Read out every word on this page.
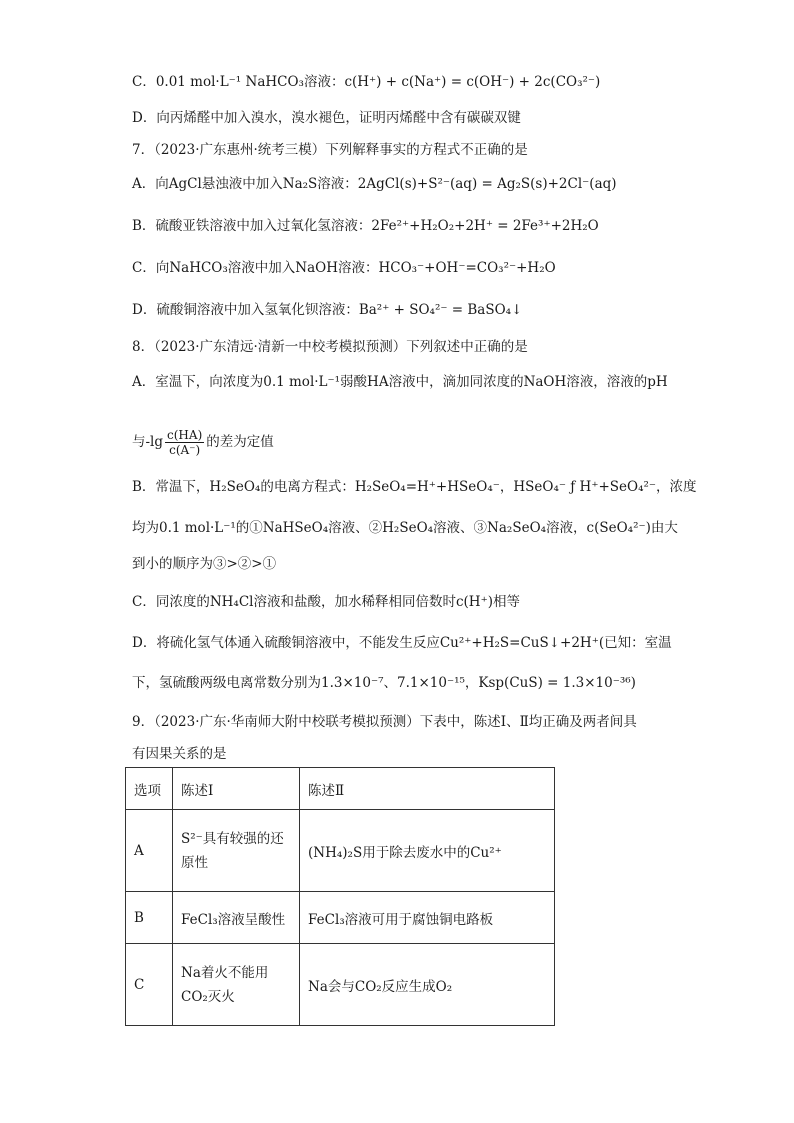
C．0.01 mol·L⁻¹ NaHCO₃溶液：c(H⁺) + c(Na⁺) = c(OH⁻) + 2c(CO₃²⁻)
D．向丙烯醛中加入溴水，溴水褪色，证明丙烯醛中含有碳碳双键
7．（2023·广东惠州·统考三模）下列解释事实的方程式不正确的是
A．向AgCl悬浊液中加入Na₂S溶液：2AgCl(s)+S²⁻(aq) = Ag₂S(s)+2Cl⁻(aq)
B．硫酸亚铁溶液中加入过氧化氢溶液：2Fe²⁺+H₂O₂+2H⁺ = 2Fe³⁺+2H₂O
C．向NaHCO₃溶液中加入NaOH溶液：HCO₃⁻+OH⁻=CO₃²⁻+H₂O
D．硫酸铜溶液中加入氢氧化钡溶液：Ba²⁺ + SO₄²⁻ = BaSO₄↓
8．（2023·广东清远·清新一中校考模拟预测）下列叙述中正确的是
A．室温下，向浓度为0.1 mol·L⁻¹弱酸HA溶液中，滴加同浓度的NaOH溶液，溶液的pH
B．常温下，H₂SeO₄的电离方程式：H₂SeO₄=H⁺+HSeO₄⁻，HSeO₄⁻ ƒ H⁺+SeO₄²⁻，浓度
均为0.1 mol·L⁻¹的①NaHSeO₄溶液、②H₂SeO₄溶液、③Na₂SeO₄溶液，c(SeO₄²⁻)由大
到小的顺序为③>②>①
C．同浓度的NH₄Cl溶液和盐酸，加水稀释相同倍数时c(H⁺)相等
D．将硫化氢气体通入硫酸铜溶液中，不能发生反应Cu²⁺+H₂S=CuS↓+2H⁺(已知：室温
下，氢硫酸两级电离常数分别为1.3×10⁻⁷、7.1×10⁻¹⁵，Ksp(CuS) = 1.3×10⁻³⁶)
9．（2023·广东·华南师大附中校联考模拟预测）下表中，陈述Ⅰ、Ⅱ均正确及两者间具
有因果关系的是
与$-\lg \frac{c(HA)}{c(A^-)}$ 的差为定值
选项	陈述Ⅰ	陈述Ⅱ
A	S²⁻具有较强的还原性	(NH₄)₂S用于除去废水中的Cu²⁺
B	FeCl₃溶液呈酸性	FeCl₃溶液可用于腐蚀铜电路板
C	Na着火不能用CO₂灭火	Na会与CO₂反应生成O₂
